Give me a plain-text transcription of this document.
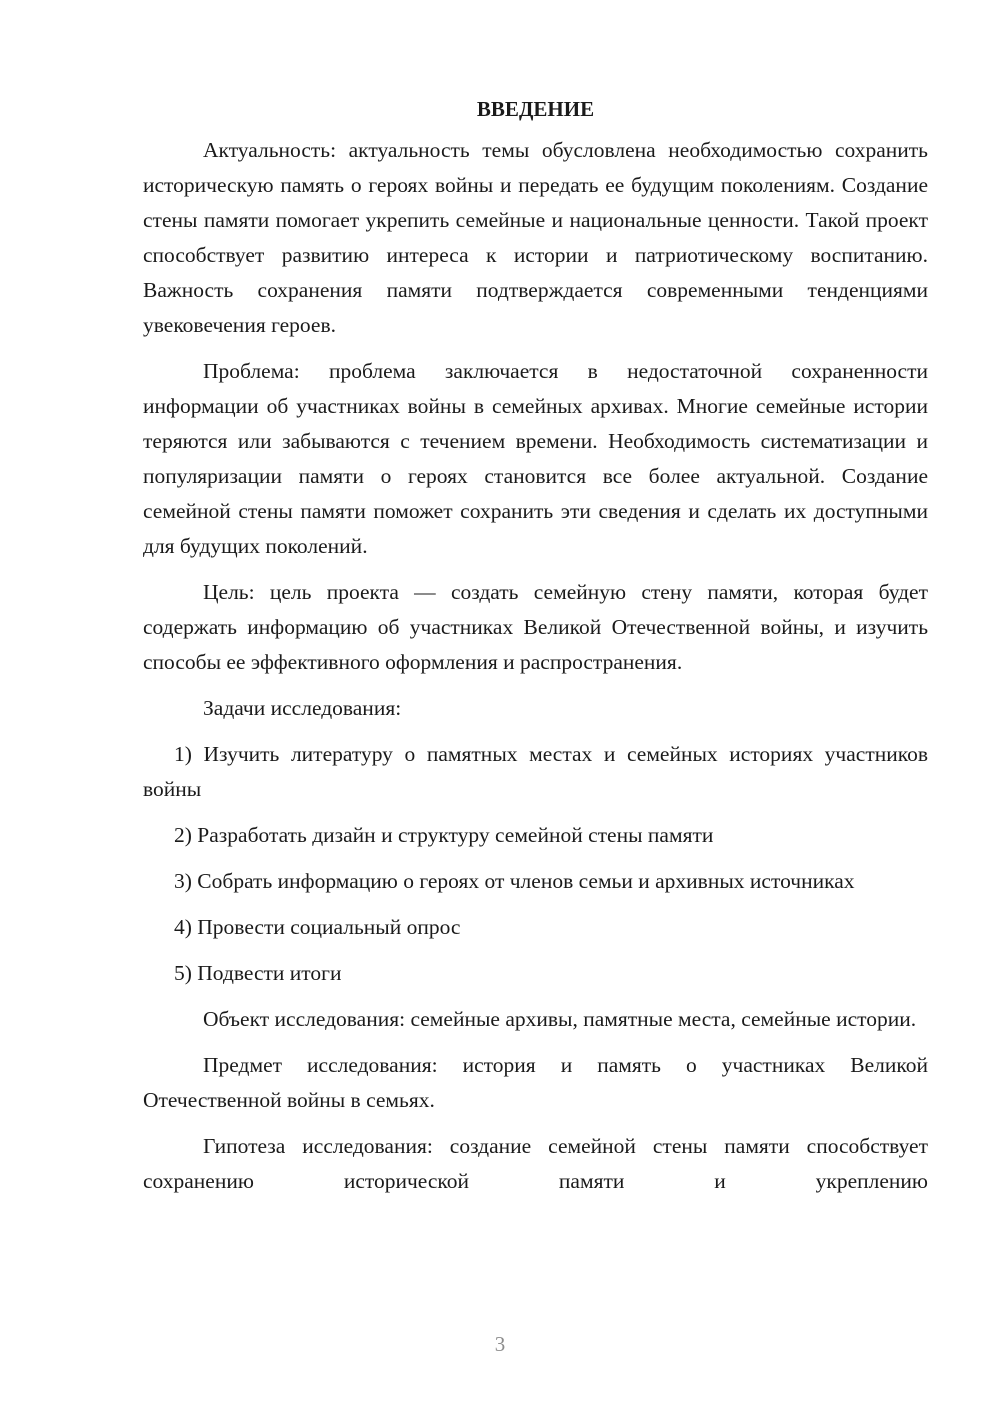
ВВЕДЕНИЕ

Актуальность: актуальность темы обусловлена необходимостью сохранить историческую память о героях войны и передать ее будущим поколениям. Создание стены памяти помогает укрепить семейные и национальные ценности. Такой проект способствует развитию интереса к истории и патриотическому воспитанию. Важность сохранения памяти подтверждается современными тенденциями увековечения героев.

Проблема: проблема заключается в недостаточной сохраненности информации об участниках войны в семейных архивах. Многие семейные истории теряются или забываются с течением времени. Необходимость систематизации и популяризации памяти о героях становится все более актуальной. Создание семейной стены памяти поможет сохранить эти сведения и сделать их доступными для будущих поколений.

Цель: цель проекта — создать семейную стену памяти, которая будет содержать информацию об участниках Великой Отечественной войны, и изучить способы ее эффективного оформления и распространения.

Задачи исследования:

1) Изучить литературу о памятных местах и семейных историях участников войны

2) Разработать дизайн и структуру семейной стены памяти

3) Собрать информацию о героях от членов семьи и архивных источниках

4) Провести социальный опрос

5) Подвести итоги

Объект исследования: семейные архивы, памятные места, семейные истории.

Предмет исследования: история и память о участниках Великой Отечественной войны в семьях.

Гипотеза исследования: создание семейной стены памяти способствует сохранению исторической памяти и укреплению

3
